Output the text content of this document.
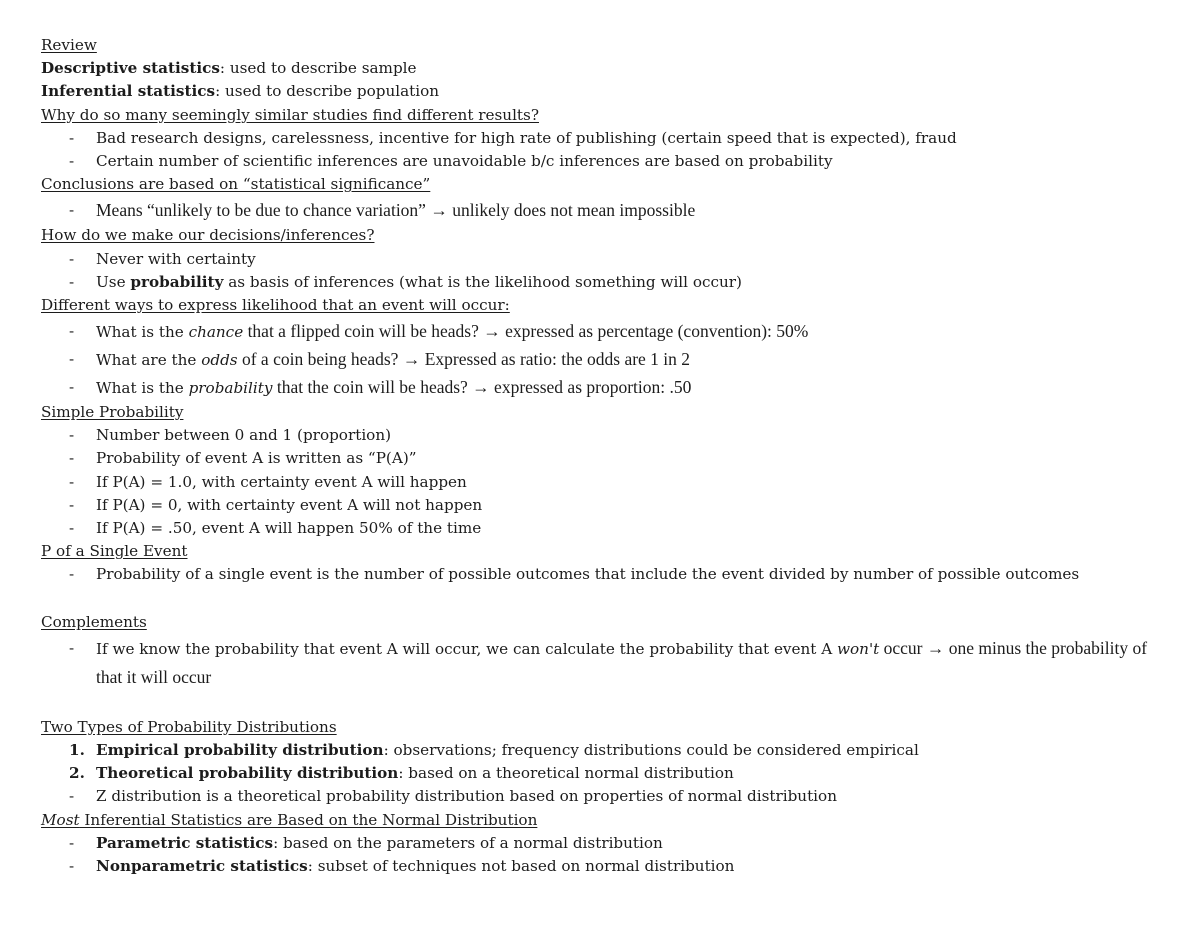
Review
Descriptive statistics: used to describe sample
Inferential statistics: used to describe population
Why do so many seemingly similar studies find different results?
- Bad research designs, carelessness, incentive for high rate of publishing (certain speed that is expected), fraud
- Certain number of scientific inferences are unavoidable b/c inferences are based on probability
Conclusions are based on “statistical significance”
- Means “unlikely to be due to chance variation” → unlikely does not mean impossible
How do we make our decisions/inferences?
- Never with certainty
- Use probability as basis of inferences (what is the likelihood something will occur)
Different ways to express likelihood that an event will occur:
- What is the chance that a flipped coin will be heads? → expressed as percentage (convention): 50%
- What are the odds of a coin being heads? → Expressed as ratio: the odds are 1 in 2
- What is the probability that the coin will be heads? → expressed as proportion: .50
Simple Probability
- Number between 0 and 1 (proportion)
- Probability of event A is written as “P(A)”
- If P(A) = 1.0, with certainty event A will happen
- If P(A) = 0, with certainty event A will not happen
- If P(A) = .50, event A will happen 50% of the time
P of a Single Event
- Probability of a single event is the number of possible outcomes that include the event divided by number of possible outcomes
Complements
- If we know the probability that event A will occur, we can calculate the probability that event A won't occur → one minus the probability of that it will occur
Two Types of Probability Distributions
1. Empirical probability distribution: observations; frequency distributions could be considered empirical
2. Theoretical probability distribution: based on a theoretical normal distribution
- Z distribution is a theoretical probability distribution based on properties of normal distribution
Most Inferential Statistics are Based on the Normal Distribution
- Parametric statistics: based on the parameters of a normal distribution
- Nonparametric statistics: subset of techniques not based on normal distribution
